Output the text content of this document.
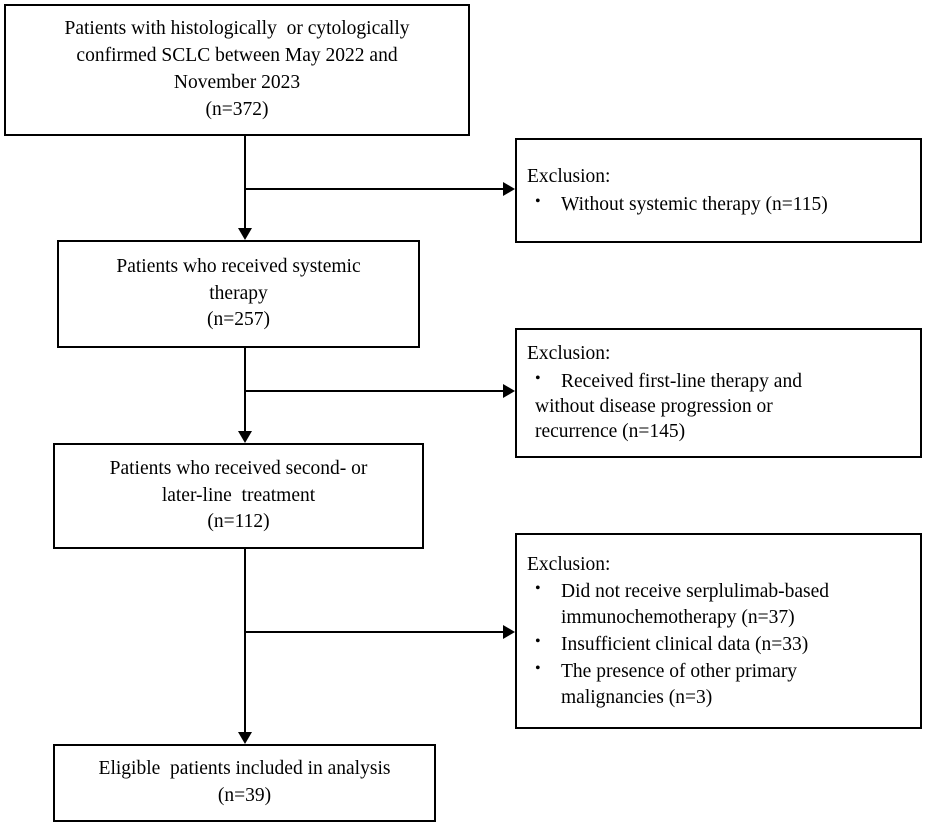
Patients with histologically  or cytologically
confirmed SCLC between May 2022 and
November 2023
(n=372)
Patients who received systemic
therapy
(n=257)
Patients who received second- or
later-line  treatment
(n=112)
Eligible  patients included in analysis
(n=39)
Exclusion:
• Without systemic therapy (n=115)
Exclusion:
• Received first-line therapy and
without disease progression or
recurrence (n=145)
Exclusion:
• Did not receive serplulimab-based
immunochemotherapy (n=37)
• Insufficient clinical data (n=33)
• The presence of other primary
malignancies (n=3)
